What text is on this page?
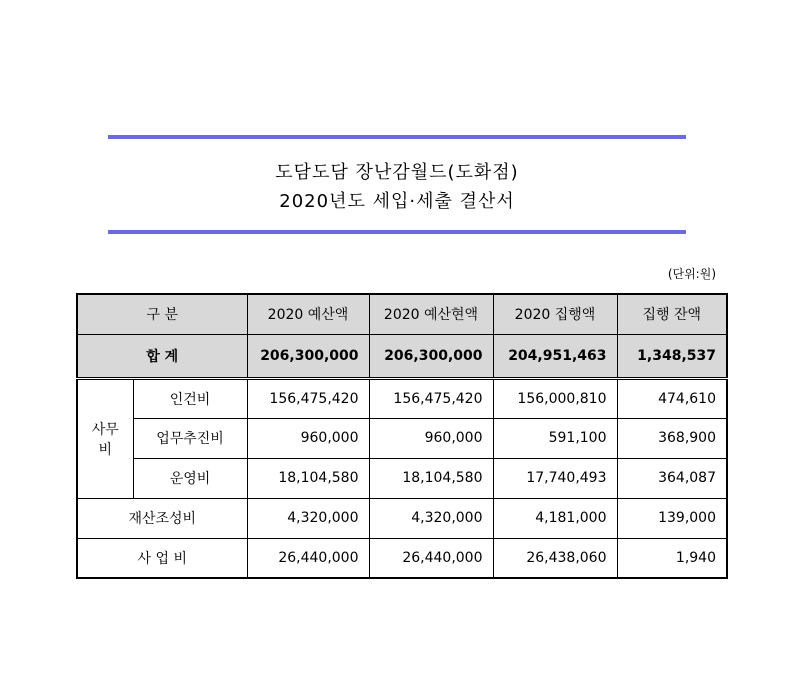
도담도담 장난감월드(도화점)
2020년도 세입·세출 결산서
(단위:원)
구 분		2020 예산액	2020 예산현액	2020 집행액	집행 잔액
합 계		206,300,000	206,300,000	204,951,463	1,348,537
사무비	인건비	156,475,420	156,475,420	156,000,810	474,610
	업무추진비	960,000	960,000	591,100	368,900
	운영비	18,104,580	18,104,580	17,740,493	364,087
재산조성비		4,320,000	4,320,000	4,181,000	139,000
사 업 비		26,440,000	26,440,000	26,438,060	1,940
